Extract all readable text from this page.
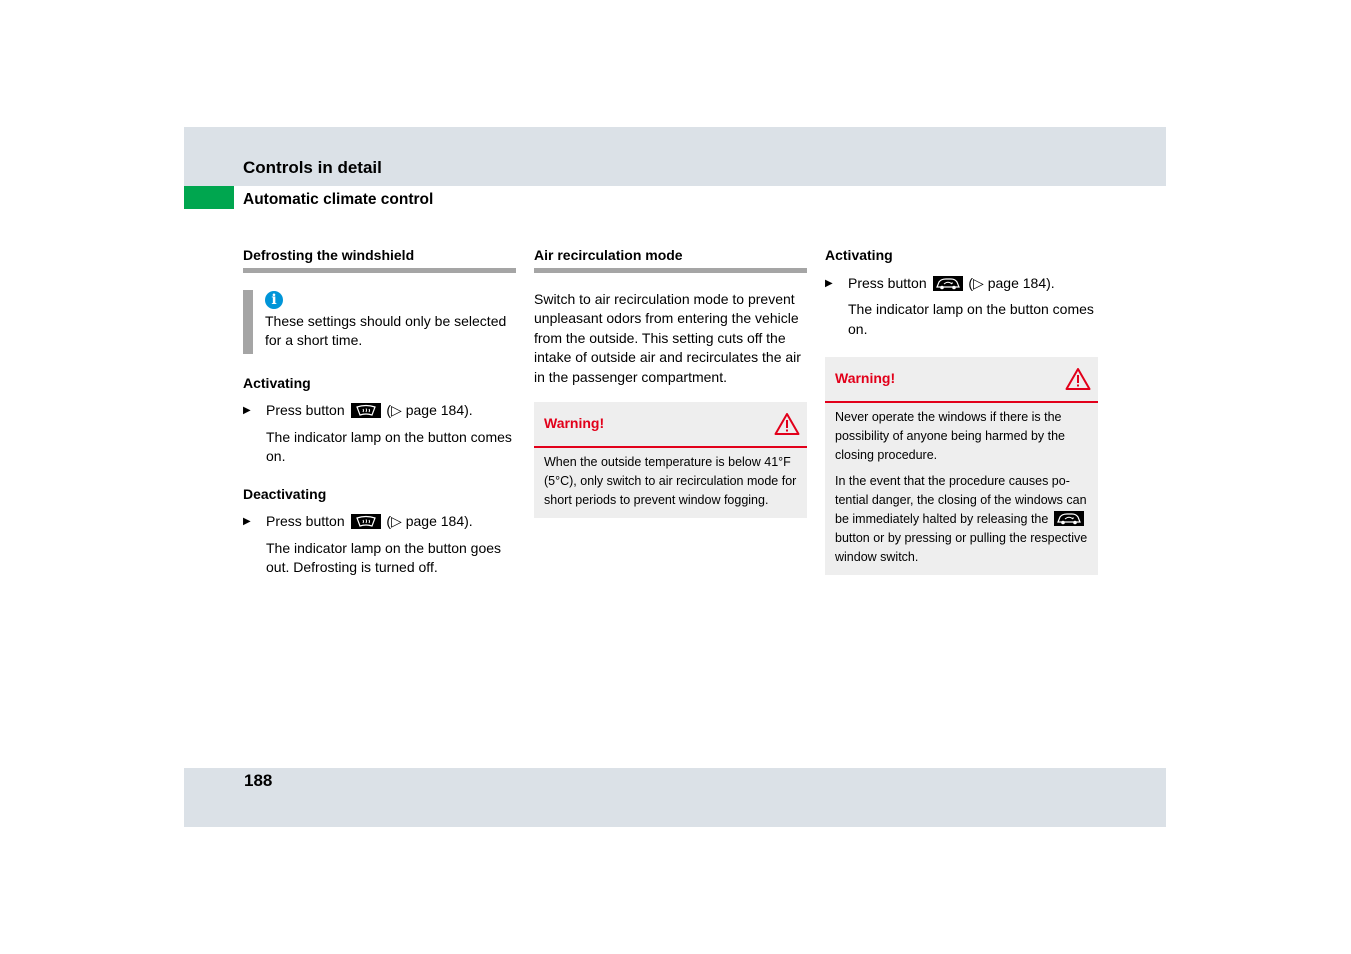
Controls in detail
Automatic climate control
Defrosting the windshield
i
These settings should only be selected for a short time.
Activating
▶ Press button	(▷ page 184).
The indicator lamp on the button comes on.
Deactivating
▶ Press button	(▷ page 184).
The indicator lamp on the button goes out. Defrosting is turned off.
Air recirculation mode
Switch to air recirculation mode to prevent unpleasant odors from entering the vehicle from the outside. This setting cuts off the intake of outside air and recirculates the air in the passenger compartment.
Warning!

When the outside temperature is below 41°F (5°C), only switch to air recirculation mode for short periods to prevent window fogging.

Activating
▶ Press button	(▷ page 184).
The indicator lamp on the button comes on.
Warning!

Never operate the windows if there is the possibility of anyone being harmed by the closing procedure.

In the event that the procedure causes potential danger, the closing of the windows can be immediately halted by releasing the
button or by pressing or pulling the respective window switch.

188
